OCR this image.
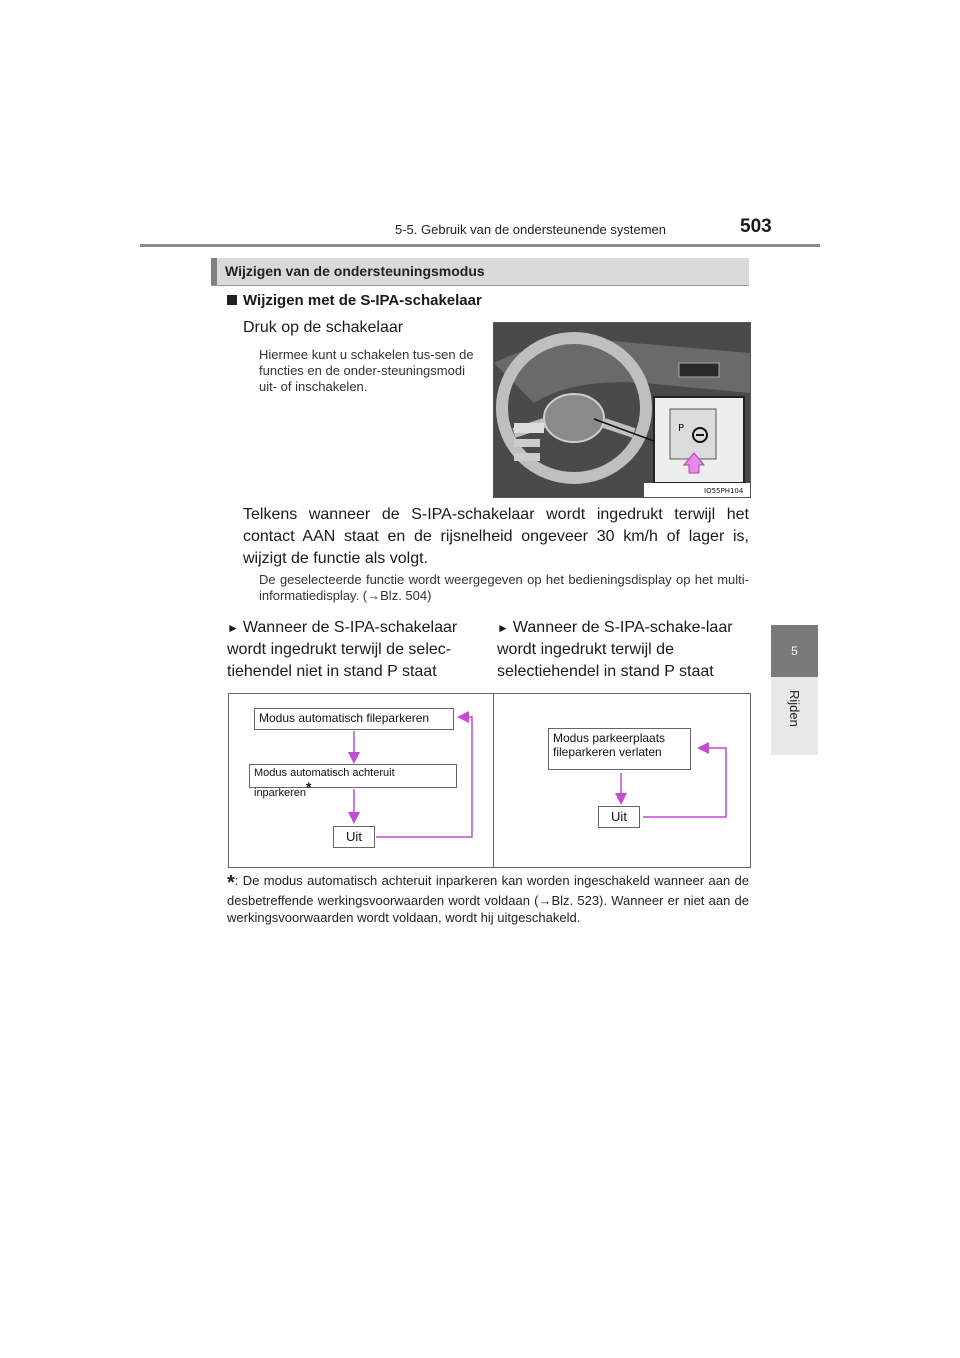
5-5. Gebruik van de ondersteunende systemen	503
5
Rijden
Wijzigen van de ondersteuningsmodus
Wijzigen met de S-IPA-schakelaar
Druk op de schakelaar
Hiermee kunt u schakelen tus-sen de functies en de onder-steuningsmodi uit- of inschakelen.
P
IO55PH104
Telkens wanneer de S-IPA-schakelaar wordt ingedrukt terwijl het contact AAN staat en de rijsnelheid ongeveer 30 km/h of lager is, wijzigt de functie als volgt.
De geselecteerde functie wordt weergegeven op het bedieningsdisplay op het multi-informatiedisplay. (→Blz. 504)
► Wanneer de S-IPA-schakelaar wordt ingedrukt terwijl de selec-tiehendel niet in stand P staat
► Wanneer de S-IPA-schake-laar wordt ingedrukt terwijl de selectiehendel in stand P staat
Modus automatisch fileparkeren
Modus automatisch achteruit inparkeren*
Uit
Modus parkeerplaats fileparkeren verlaten
Uit
*: De modus automatisch achteruit inparkeren kan worden ingeschakeld wanneer aan de desbetreffende werkingsvoorwaarden wordt voldaan (→Blz. 523). Wanneer er niet aan de werkingsvoorwaarden wordt voldaan, wordt hij uitgeschakeld.
